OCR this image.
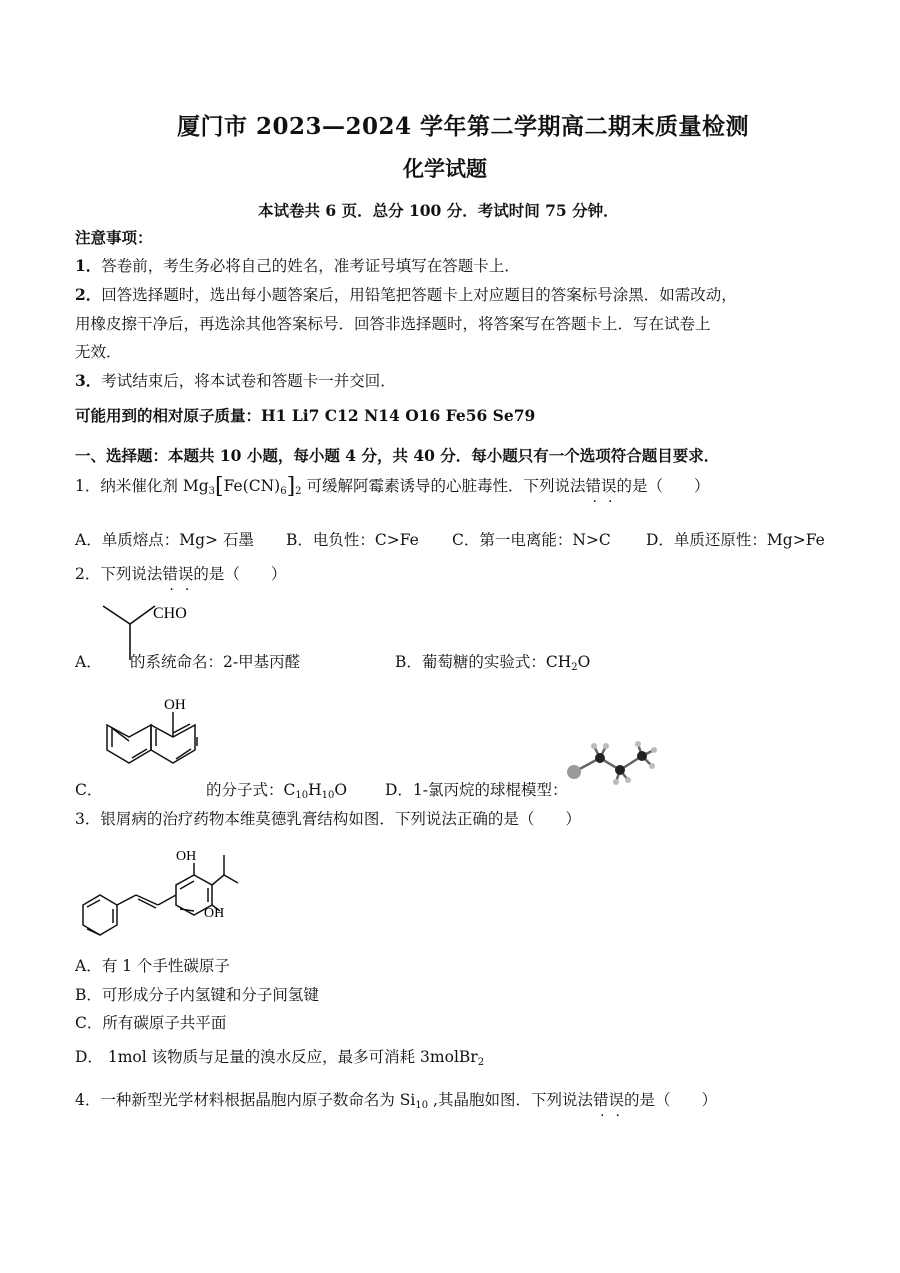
厦门市 2023—2024 学年第二学期高二期末质量检测
化学试题
本试卷共 6 页．总分 100 分．考试时间 75 分钟．
注意事项：
1．答卷前，考生务必将自己的姓名，准考证号填写在答题卡上．
2．回答选择题时，选出每小题答案后，用铅笔把答题卡上对应题目的答案标号涂黑．如需改动，
用橡皮擦干净后，再选涂其他答案标号．回答非选择题时，将答案写在答题卡上．写在试卷上
无效．
3．考试结束后，将本试卷和答题卡一并交回．
可能用到的相对原子质量：H1 Li7 C12 N14 O16 Fe56 Se79
一、选择题：本题共 10 小题，每小题 4 分，共 40 分．每小题只有一个选项符合题目要求．
1．纳米催化剂 $Mg_3[Fe(CN)_6]_2$ 可缓解阿霉素诱导的心脏毒性．下列说法错误的是（　　）
A．单质熔点：Mg> 石墨 B．电负性：C>Fe C．第一电离能：N>C D．单质还原性：Mg>Fe
2．下列说法错误的是（　　）
CHO
A． 的系统命名：2-甲基丙醛	B．葡萄糖的实验式：$CH_2O$
OH
C．	的分子式：$C_{10}H_{10}O$ D．1-氯丙烷的球棍模型：
3．银屑病的治疗药物本维莫德乳膏结构如图．下列说法正确的是（　　）
OH
OH
A．有 1 个手性碳原子
B．可形成分子内氢键和分子间氢键
C．所有碳原子共平面
D． 1mol 该物质与足量的溴水反应，最多可消耗 3molBr$_2$
4．一种新型光学材料根据晶胞内原子数命名为 $Si_{10}$ ,其晶胞如图．下列说法错误的是（　　）
